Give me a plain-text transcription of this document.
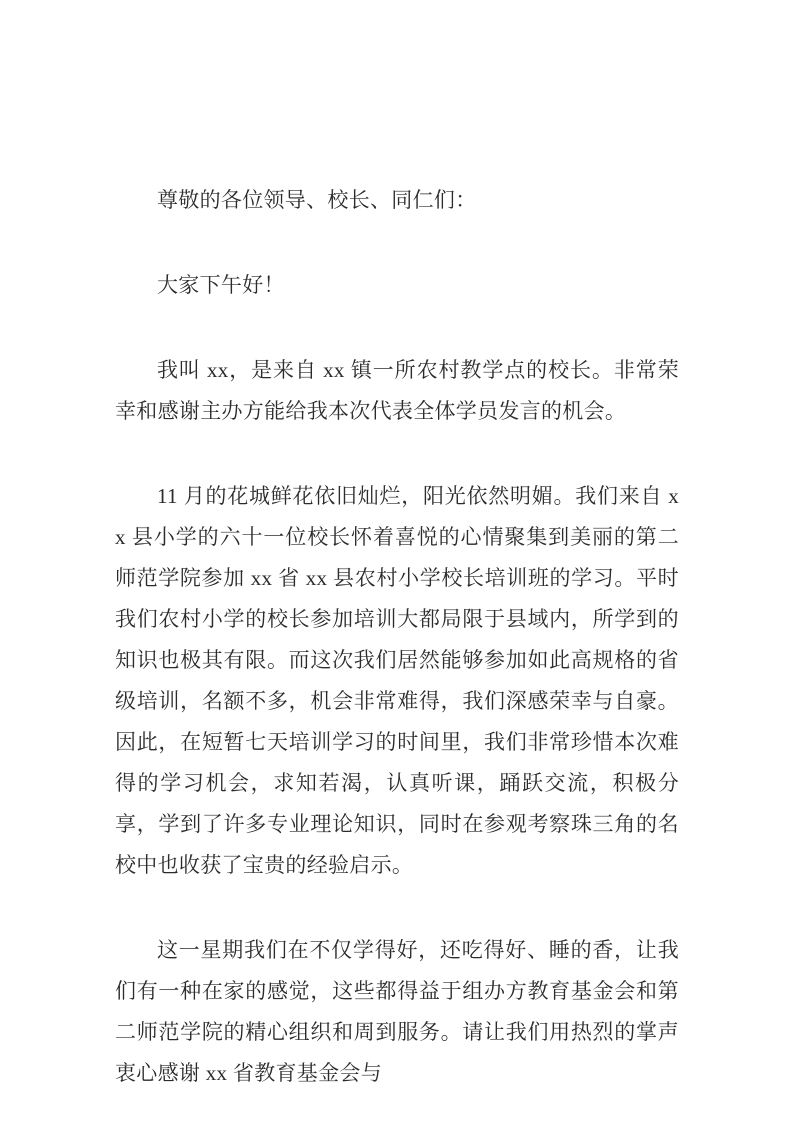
尊敬的各位领导、校长、同仁们：

大家下午好！

我叫 xx，是来自 xx 镇一所农村教学点的校长。非常荣幸和感谢主办方能给我本次代表全体学员发言的机会。

11 月的花城鲜花依旧灿烂，阳光依然明媚。我们来自 xx 县小学的六十一位校长怀着喜悦的心情聚集到美丽的第二师范学院参加 xx 省 xx 县农村小学校长培训班的学习。平时我们农村小学的校长参加培训大都局限于县域内，所学到的知识也极其有限。而这次我们居然能够参加如此高规格的省级培训，名额不多，机会非常难得，我们深感荣幸与自豪。因此，在短暂七天培训学习的时间里，我们非常珍惜本次难得的学习机会，求知若渴，认真听课，踊跃交流，积极分享，学到了许多专业理论知识，同时在参观考察珠三角的名校中也收获了宝贵的经验启示。

这一星期我们在不仅学得好，还吃得好、睡的香，让我们有一种在家的感觉，这些都得益于组办方教育基金会和第二师范学院的精心组织和周到服务。请让我们用热烈的掌声衷心感谢 xx 省教育基金会与
